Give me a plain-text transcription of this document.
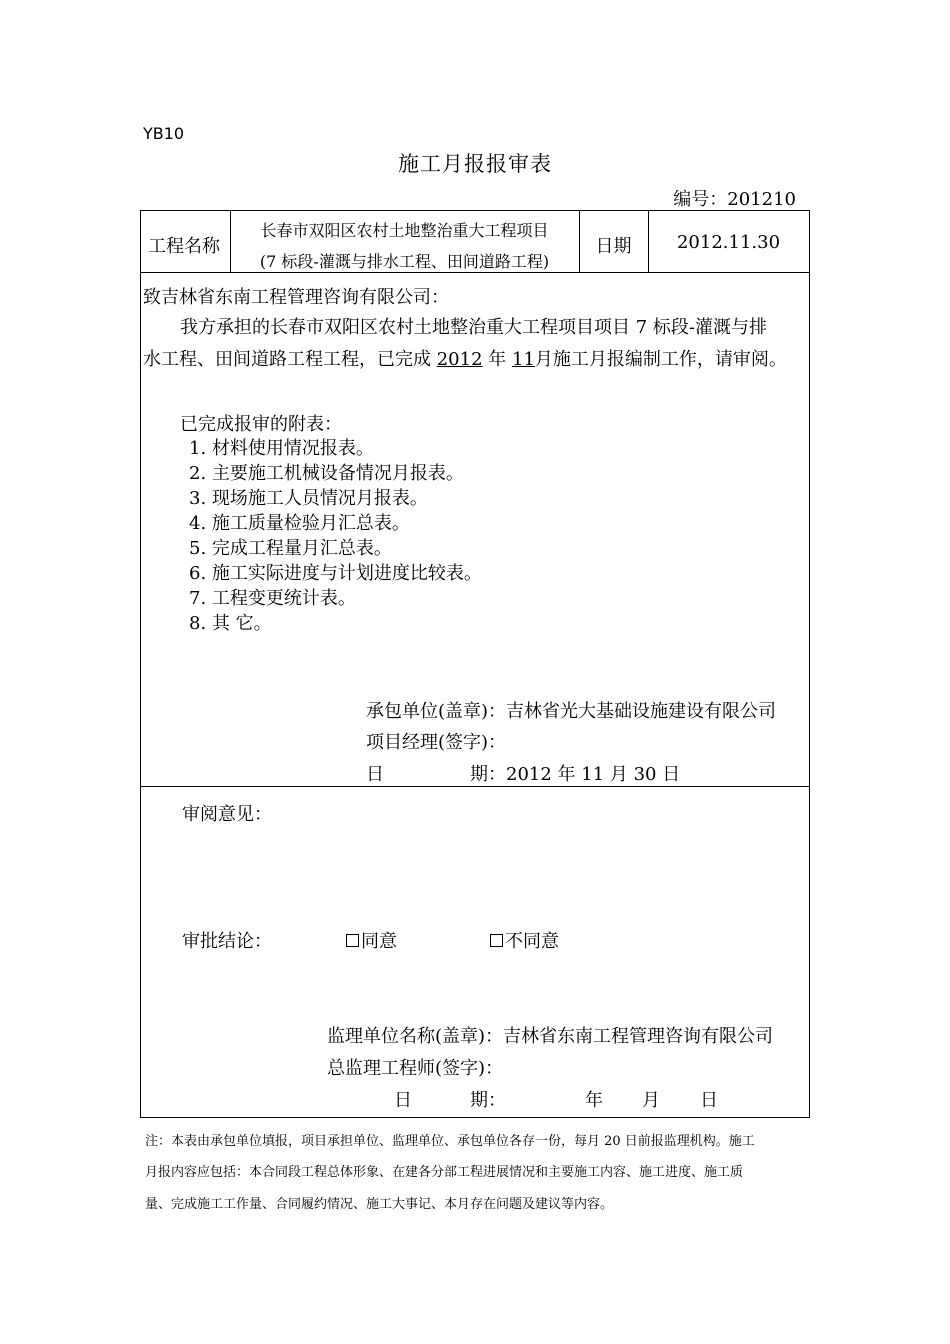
YB10
施工月报报审表
编号：201210
工程名称
长春市双阳区农村土地整治重大工程项目
(7 标段-灌溉与排水工程、田间道路工程)
日期	2012.11.30
致吉林省东南工程管理咨询有限公司：
我方承担的长春市双阳区农村土地整治重大工程项目项目 7 标段-灌溉与排
水工程、田间道路工程工程，已完成 2012 年 11月施工月报编制工作，请审阅。
已完成报审的附表：
1. 材料使用情况报表。
2. 主要施工机械设备情况月报表。
3. 现场施工人员情况月报表。
4. 施工质量检验月汇总表。
5. 完成工程量月汇总表。
6. 施工实际进度与计划进度比较表。
7. 工程变更统计表。
8. 其 它。
承包单位(盖章)：吉林省光大基础设施建设有限公司
项目经理(签字)：
日	期：2012 年 11 月 30 日
审阅意见：
审批结论：	同意	不同意
监理单位名称(盖章)：吉林省东南工程管理咨询有限公司
总监理工程师(签字)：
日	期：	年 月 日
注：本表由承包单位填报，项目承担单位、监理单位、承包单位各存一份，每月 20 日前报监理机构。施工
月报内容应包括：本合同段工程总体形象、在建各分部工程进展情况和主要施工内容、施工进度、施工质
量、完成施工工作量、合同履约情况、施工大事记、本月存在问题及建议等内容。
